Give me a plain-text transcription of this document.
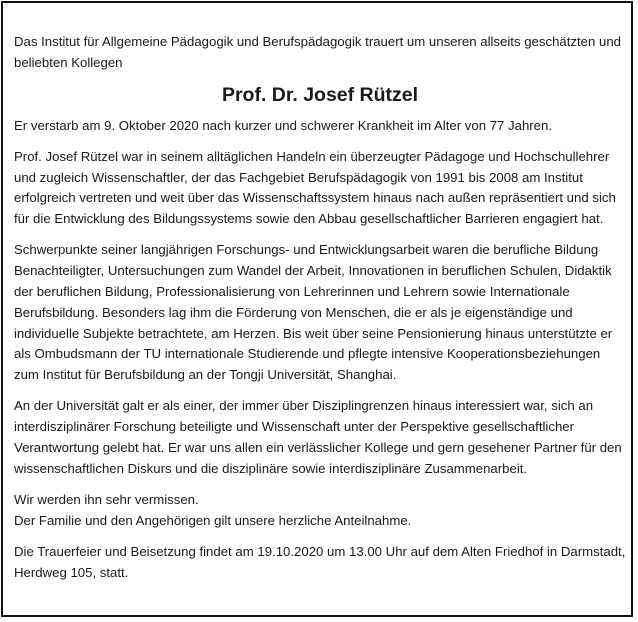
Das Institut für Allgemeine Pädagogik und Berufspädagogik trauert um unseren allseits geschätzten und beliebten Kollegen

Prof. Dr. Josef Rützel

Er verstarb am 9. Oktober 2020 nach kurzer und schwerer Krankheit im Alter von 77 Jahren.

Prof. Josef Rützel war in seinem alltäglichen Handeln ein überzeugter Pädagoge und Hochschullehrer und zugleich Wissenschaftler, der das Fachgebiet Berufspädagogik von 1991 bis 2008 am Institut erfolgreich vertreten und weit über das Wissenschaftssystem hinaus nach außen repräsentiert und sich für die Entwicklung des Bildungssystems sowie den Abbau gesellschaftlicher Barrieren engagiert hat.

Schwerpunkte seiner langjährigen Forschungs- und Entwicklungsarbeit waren die berufliche Bildung Benachteiligter, Untersuchungen zum Wandel der Arbeit, Innovationen in beruflichen Schulen, Didaktik der beruflichen Bildung, Professionalisierung von Lehrerinnen und Lehrern sowie Internationale Berufsbildung. Besonders lag ihm die Förderung von Menschen, die er als je eigenständige und individuelle Subjekte betrachtete, am Herzen. Bis weit über seine Pensionierung hinaus unterstützte er als Ombudsmann der TU internationale Studierende und pflegte intensive Kooperationsbeziehungen zum Institut für Berufsbildung an der Tongji Universität, Shanghai.

An der Universität galt er als einer, der immer über Disziplingrenzen hinaus interessiert war, sich an interdisziplinärer Forschung beteiligte und Wissenschaft unter der Perspektive gesellschaftlicher Verantwortung gelebt hat. Er war uns allen ein verlässlicher Kollege und gern gesehener Partner für den wissenschaftlichen Diskurs und die disziplinäre sowie interdisziplinäre Zusammenarbeit.

Wir werden ihn sehr vermissen.
Der Familie und den Angehörigen gilt unsere herzliche Anteilnahme.

Die Trauerfeier und Beisetzung findet am 19.10.2020 um 13.00 Uhr auf dem Alten Friedhof in Darmstadt, Herdweg 105, statt.
